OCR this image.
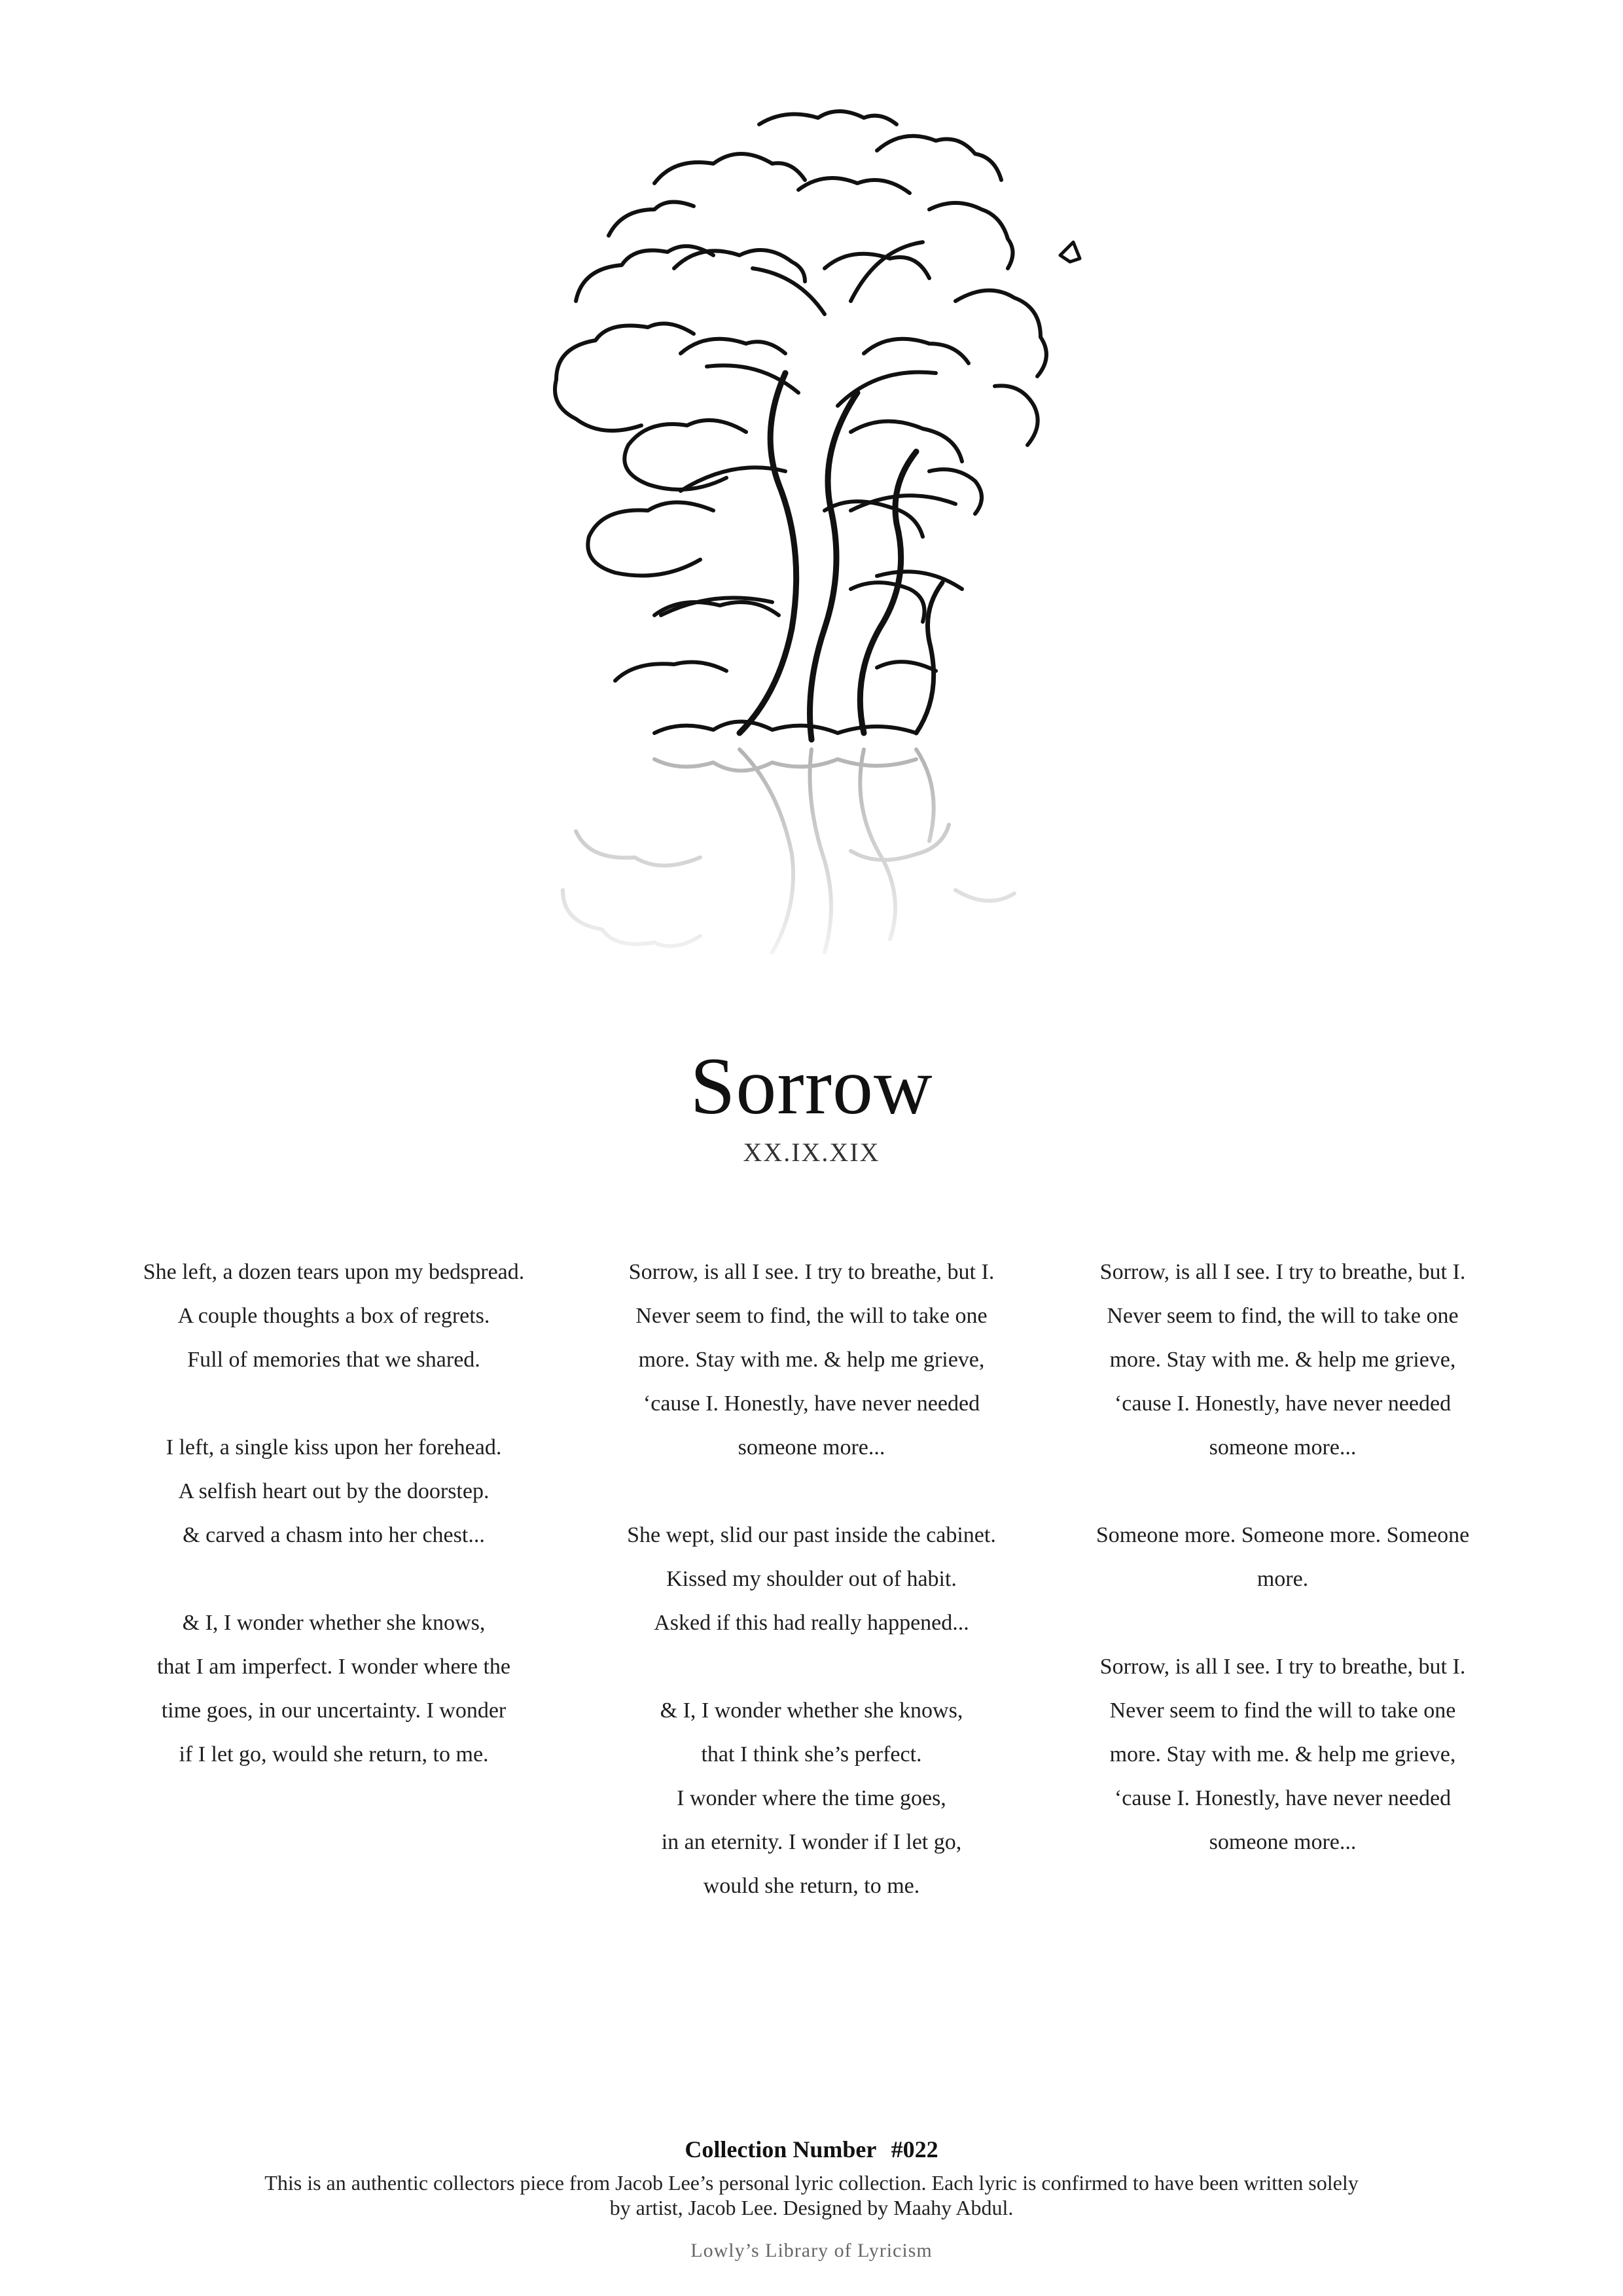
Sorrow
XX.IX.XIX
She left, a dozen tears upon my bedspread.
A couple thoughts a box of regrets.
Full of memories that we shared.
I left, a single kiss upon her forehead.
A selfish heart out by the doorstep.
& carved a chasm into her chest...
& I, I wonder whether she knows,
that I am imperfect. I wonder where the
time goes, in our uncertainty. I wonder
if I let go, would she return, to me.
Sorrow, is all I see. I try to breathe, but I.
Never seem to find, the will to take one
more. Stay with me. & help me grieve,
‘cause I. Honestly, have never needed
someone more...
She wept, slid our past inside the cabinet.
Kissed my shoulder out of habit.
Asked if this had really happened...
& I, I wonder whether she knows,
that I think she’s perfect.
I wonder where the time goes,
in an eternity. I wonder if I let go,
would she return, to me.
Sorrow, is all I see. I try to breathe, but I.
Never seem to find, the will to take one
more. Stay with me. & help me grieve,
‘cause I. Honestly, have never needed
someone more...
Someone more. Someone more. Someone
more.
Sorrow, is all I see. I try to breathe, but I.
Never seem to find the will to take one
more. Stay with me. & help me grieve,
‘cause I. Honestly, have never needed
someone more...
Collection Number #022
This is an authentic collectors piece from Jacob Lee’s personal lyric collection. Each lyric is confirmed to have been written solely
by artist, Jacob Lee. Designed by Maahy Abdul.
Lowly’s Library of Lyricism
